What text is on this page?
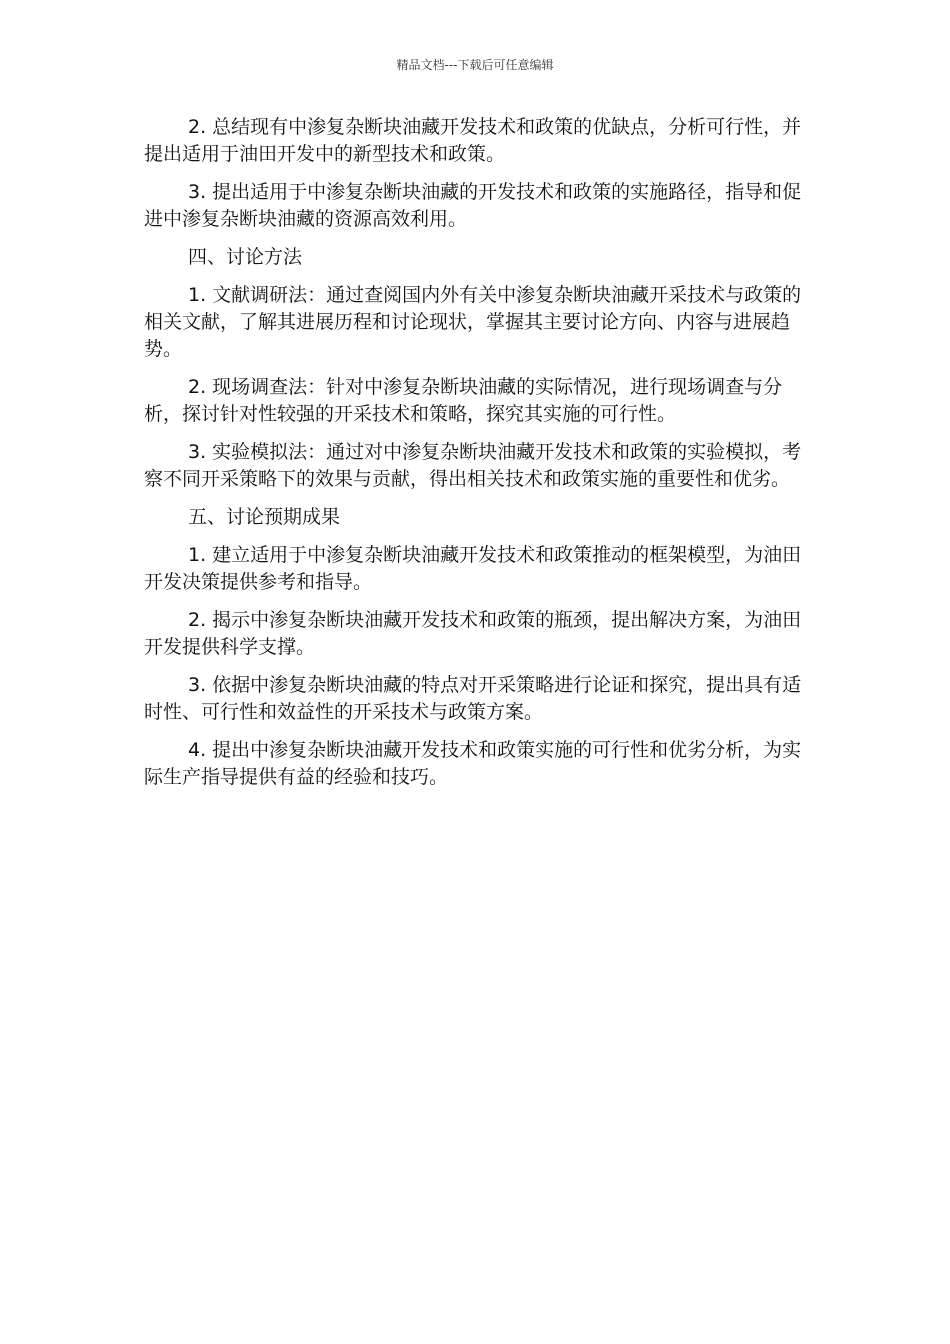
精品文档---下载后可任意编辑

2. 总结现有中渗复杂断块油藏开发技术和政策的优缺点，分析可行性，并提出适用于油田开发中的新型技术和政策。

3. 提出适用于中渗复杂断块油藏的开发技术和政策的实施路径，指导和促进中渗复杂断块油藏的资源高效利用。

四、讨论方法

1. 文献调研法：通过查阅国内外有关中渗复杂断块油藏开采技术与政策的相关文献，了解其进展历程和讨论现状，掌握其主要讨论方向、内容与进展趋势。

2. 现场调查法：针对中渗复杂断块油藏的实际情况，进行现场调查与分析，探讨针对性较强的开采技术和策略，探究其实施的可行性。

3. 实验模拟法：通过对中渗复杂断块油藏开发技术和政策的实验模拟，考察不同开采策略下的效果与贡献，得出相关技术和政策实施的重要性和优劣。

五、讨论预期成果

1. 建立适用于中渗复杂断块油藏开发技术和政策推动的框架模型，为油田开发决策提供参考和指导。

2. 揭示中渗复杂断块油藏开发技术和政策的瓶颈，提出解决方案，为油田开发提供科学支撑。

3. 依据中渗复杂断块油藏的特点对开采策略进行论证和探究，提出具有适时性、可行性和效益性的开采技术与政策方案。

4. 提出中渗复杂断块油藏开发技术和政策实施的可行性和优劣分析，为实际生产指导提供有益的经验和技巧。
